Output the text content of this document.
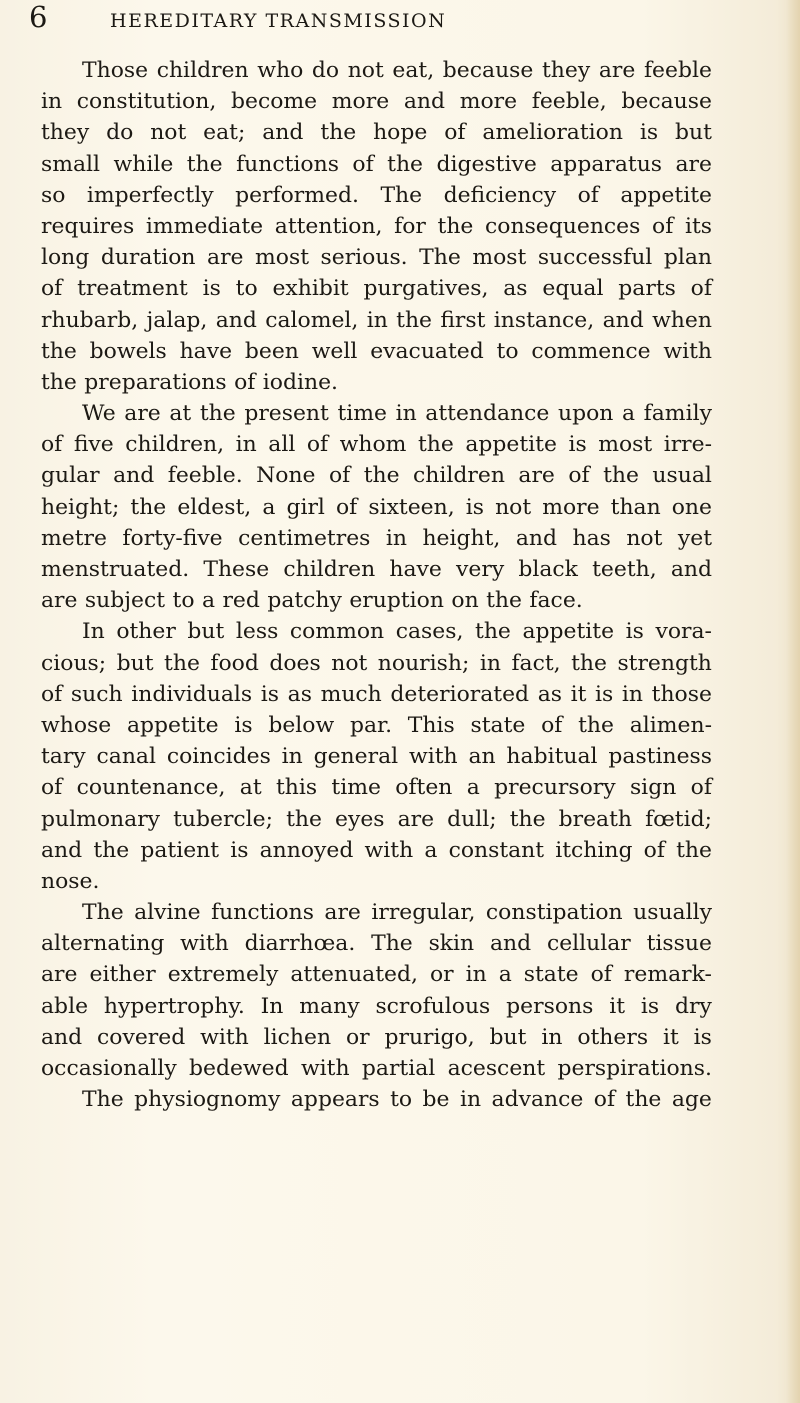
6	HEREDITARY TRANSMISSION
Those children who do not eat, because they are feeble
in constitution, become more and more feeble, because
they do not eat; and the hope of amelioration is but
small while the functions of the digestive apparatus are
so imperfectly performed. The deficiency of appetite
requires immediate attention, for the consequences of its
long duration are most serious. The most successful plan
of treatment is to exhibit purgatives, as equal parts of
rhubarb, jalap, and calomel, in the first instance, and when
the bowels have been well evacuated to commence with
the preparations of iodine.
We are at the present time in attendance upon a family
of five children, in all of whom the appetite is most irre-
gular and feeble. None of the children are of the usual
height; the eldest, a girl of sixteen, is not more than one
metre forty-five centimetres in height, and has not yet
menstruated. These children have very black teeth, and
are subject to a red patchy eruption on the face.
In other but less common cases, the appetite is vora-
cious; but the food does not nourish; in fact, the strength
of such individuals is as much deteriorated as it is in those
whose appetite is below par. This state of the alimen-
tary canal coincides in general with an habitual pastiness
of countenance, at this time often a precursory sign of
pulmonary tubercle; the eyes are dull; the breath fœtid;
and the patient is annoyed with a constant itching of the
nose.
The alvine functions are irregular, constipation usually
alternating with diarrhœa. The skin and cellular tissue
are either extremely attenuated, or in a state of remark-
able hypertrophy. In many scrofulous persons it is dry
and covered with lichen or prurigo, but in others it is
occasionally bedewed with partial acescent perspirations.
The physiognomy appears to be in advance of the age
